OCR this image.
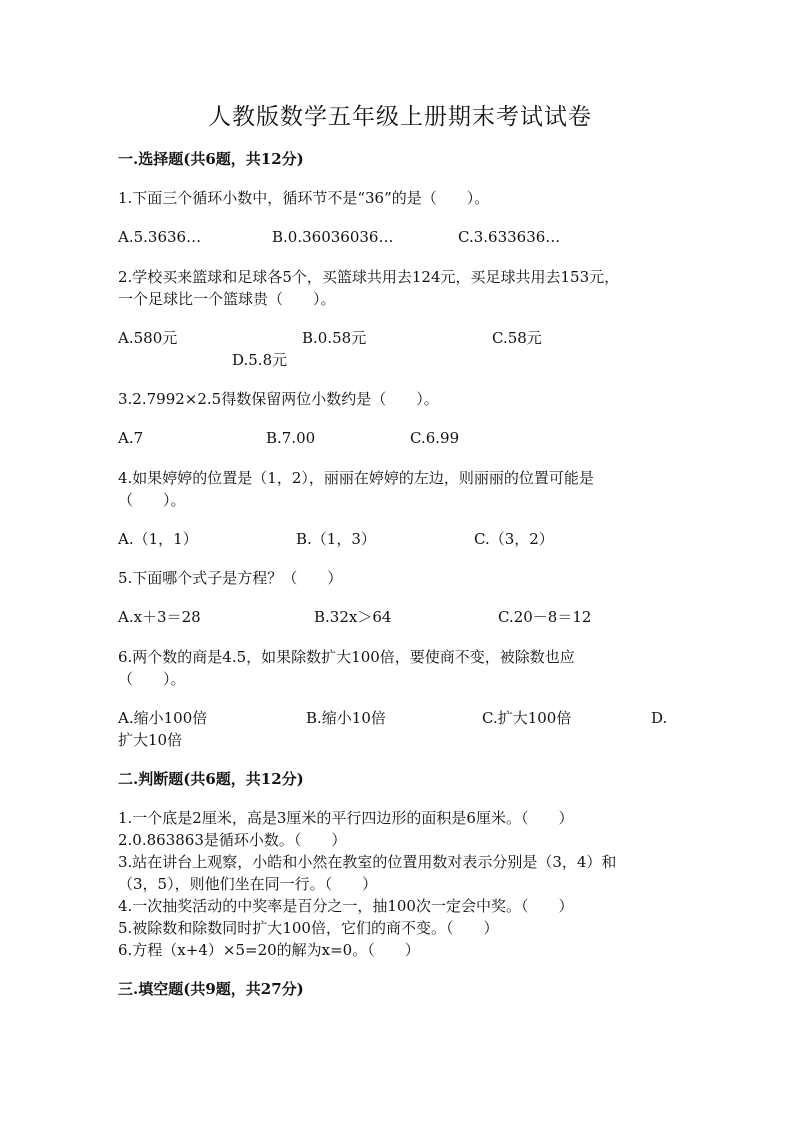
人教版数学五年级上册期末考试试卷
一.选择题(共6题，共12分)
1.下面三个循环小数中，循环节不是“36”的是（　　）。
A.5.3636…	B.0.36036036…	C.3.633636…
2.学校买来篮球和足球各5个，买篮球共用去124元，买足球共用去153元，
一个足球比一个篮球贵（　　）。
A.580元	B.0.58元	C.58元
D.5.8元
3.2.7992×2.5得数保留两位小数约是（　　）。
A.7	B.7.00	C.6.99
4.如果婷婷的位置是（1，2），丽丽在婷婷的左边，则丽丽的位置可能是
（　　）。
A.（1，1）	B.（1，3）	C.（3，2）
5.下面哪个式子是方程？（　　）
A.x＋3＝28	B.32x＞64	C.20－8＝12
6.两个数的商是4.5，如果除数扩大100倍，要使商不变，被除数也应
（　　）。
A.缩小100倍	B.缩小10倍	C.扩大100倍	D.
扩大10倍
二.判断题(共6题，共12分)
1.一个底是2厘米，高是3厘米的平行四边形的面积是6厘米。（　　）
2.0.863863是循环小数。（　　）
3.站在讲台上观察，小皓和小然在教室的位置用数对表示分别是（3，4）和
（3，5），则他们坐在同一行。（　　）
4.一次抽奖活动的中奖率是百分之一，抽100次一定会中奖。（　　）
5.被除数和除数同时扩大100倍，它们的商不变。（　　）
6.方程（x+4）×5=20的解为x=0。（　　）
三.填空题(共9题，共27分)
